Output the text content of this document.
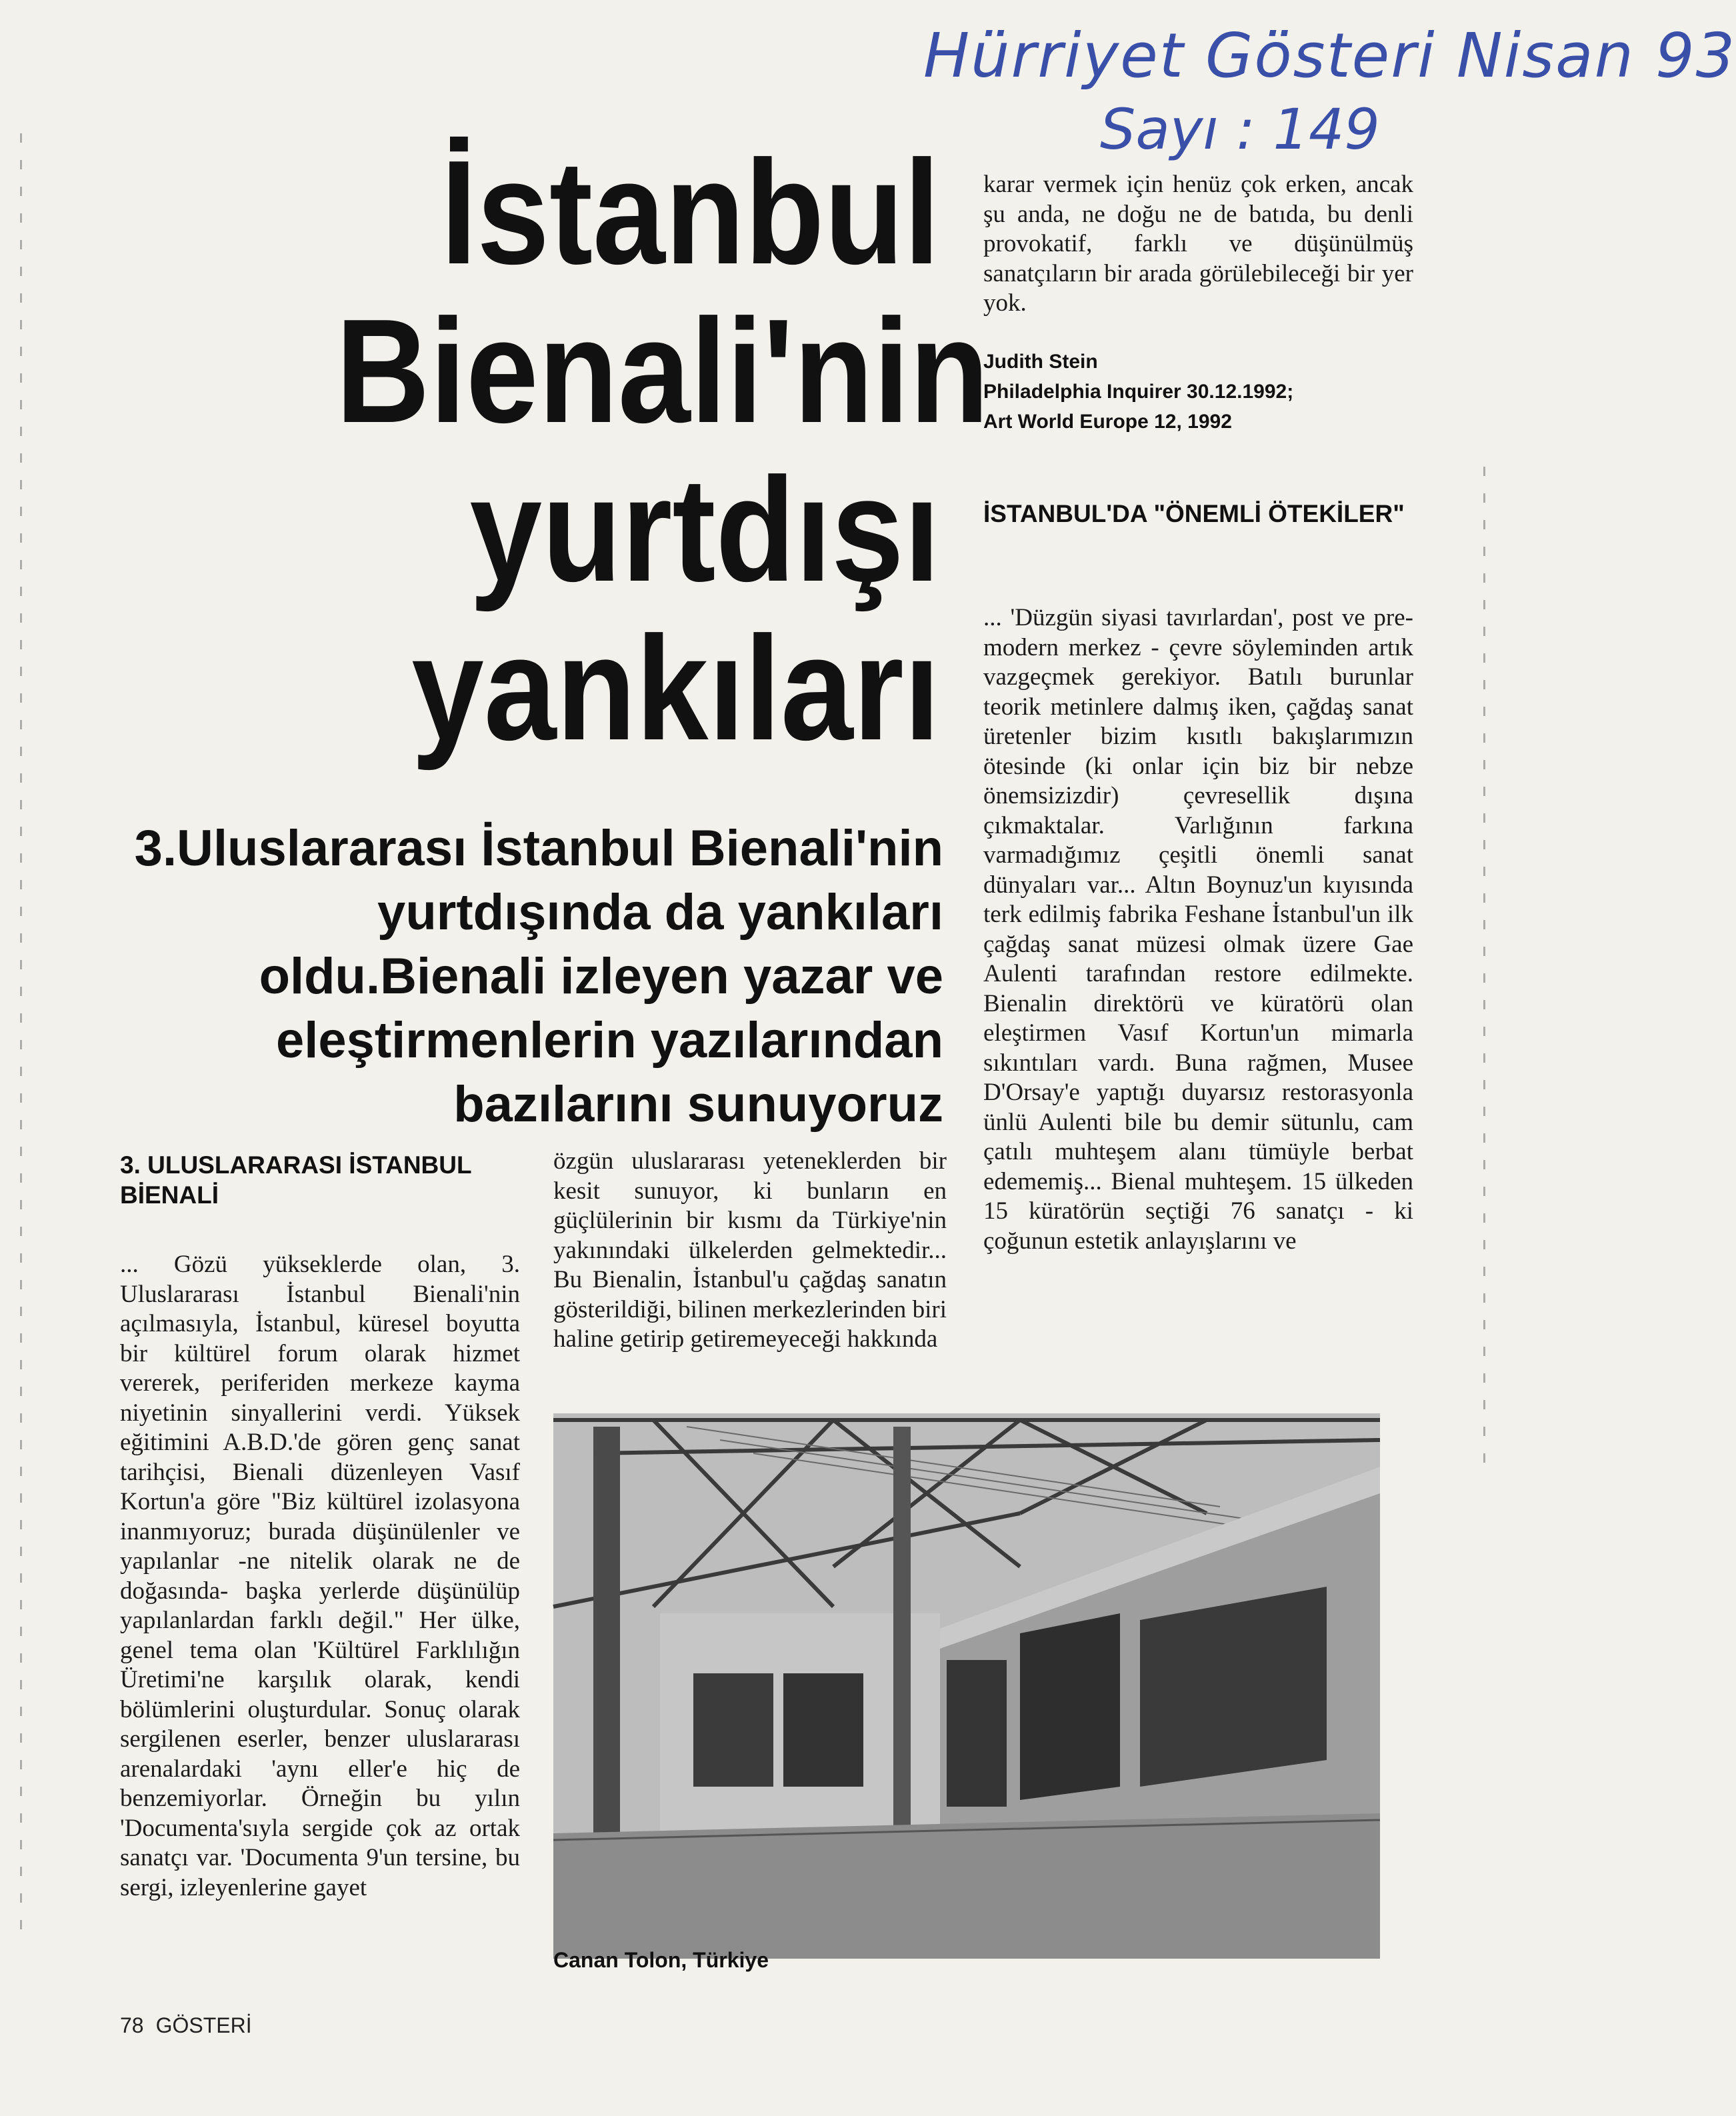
Hürriyet Gösteri Nisan 93
Sayı : 149
İstanbul
Bienali'nin
yurtdışı
yankıları
3.Uluslararası İstanbul Bienali'nin
yurtdışında da yankıları
oldu.Bienali izleyen yazar ve
eleştirmenlerin yazılarından
bazılarını sunuyoruz

karar vermek için henüz çok erken, ancak şu anda, ne doğu ne de batıda, bu denli provokatif, farklı ve düşünülmüş sanatçıların bir arada görülebileceği bir yer yok.

Judith Stein
Philadelphia Inquirer 30.12.1992;
Art World Europe 12, 1992
İSTANBUL'DA "ÖNEMLİ ÖTEKİLER"

... 'Düzgün siyasi tavırlardan', post ve pre-modern merkez - çevre söyleminden artık vazgeçmek gerekiyor. Batılı burunlar teorik metinlere dalmış iken, çağdaş sanat üretenler bizim kısıtlı bakışlarımızın ötesinde (ki onlar için biz bir nebze önemsizizdir) çevresellik dışına çıkmaktalar. Varlığının farkına varmadığımız çeşitli önemli sanat dünyaları var... Altın Boynuz'un kıyısında terk edilmiş fabrika Feshane İstanbul'un ilk çağdaş sanat müzesi olmak üzere Gae Aulenti tarafından restore edilmekte. Bienalin direktörü ve küratörü olan eleştirmen Vasıf Kortun'un mimarla sıkıntıları vardı. Buna rağmen, Musee D'Orsay'e yaptığı duyarsız restorasyonla ünlü Aulenti bile bu demir sütunlu, cam çatılı muhteşem alanı tümüyle berbat edememiş... Bienal muhteşem. 15 ülkeden 15 küratörün seçtiği 76 sanatçı - ki çoğunun estetik anlayışlarını ve

3. ULUSLARARASI İSTANBUL BİENALİ

... Gözü yükseklerde olan, 3. Uluslararası İstanbul Bienali'nin açılmasıyla, İstanbul, küresel boyutta bir kültürel forum olarak hizmet vererek, periferiden merkeze kayma niyetinin sinyallerini verdi. Yüksek eğitimini A.B.D.'de gören genç sanat tarihçisi, Bienali düzenleyen Vasıf Kortun'a göre "Biz kültürel izolasyona inanmıyoruz; burada düşünülenler ve yapılanlar -ne nitelik olarak ne de doğasında- başka yerlerde düşünülüp yapılanlardan farklı değil." Her ülke, genel tema olan 'Kültürel Farklılığın Üretimi'ne karşılık olarak, kendi bölümlerini oluşturdular. Sonuç olarak sergilenen eserler, benzer uluslararası arenalardaki 'aynı eller'e hiç de benzemiyorlar. Örneğin bu yılın 'Documenta'sıyla sergide çok az ortak sanatçı var. 'Documenta 9'un tersine, bu sergi, izleyenlerine gayet

özgün uluslararası yeteneklerden bir kesit sunuyor, ki bunların en güçlülerinin bir kısmı da Türkiye'nin yakınındaki ülkelerden gelmektedir... Bu Bienalin, İstanbul'u çağdaş sanatın gösterildiği, bilinen merkezlerinden biri haline getirip getiremeyeceği hakkında

Canan Tolon, Türkiye
78 GÖSTERİ
